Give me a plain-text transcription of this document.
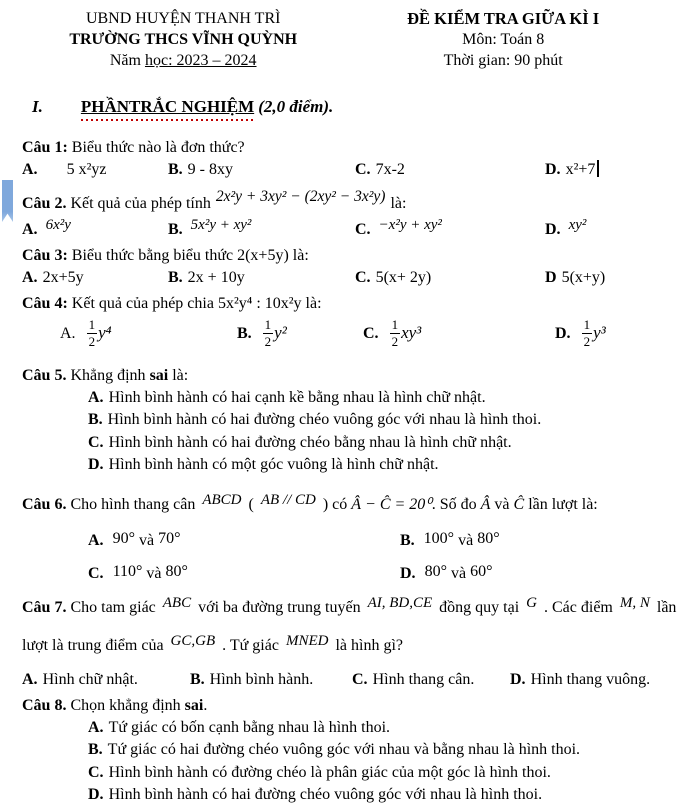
UBND HUYỆN THANH TRÌ
TRƯỜNG THCS VĨNH QUỲNH
Năm học: 2023 – 2024
ĐỀ KIỂM TRA GIỮA KÌ I
Môn: Toán 8
Thời gian: 90 phút
I. PHẦNTRẮC NGHIỆM (2,0 điểm).

Câu 1: Biểu thức nào là đơn thức?

A. 5 x²yz	B. 9 - 8xy	C. 7x-2	D. x²+7

Câu 2. Kết quả của phép tính 2x²y + 3xy² − (2xy² − 3x²y) là:

A. 6x²y	B. 5x²y + xy²	C. −x²y + xy²	D. xy²

Câu 3: Biểu thức bằng biểu thức 2(x+5y) là:

A. 2x+5y	B. 2x + 10y	C. 5(x+ 2y)	D 5(x+y)

Câu 4: Kết quả của phép chia 5x²y⁴ : 10x²y là:

A. $\frac{1}{2} y^4$	B. $\frac{1}{2} y^2$	C. $\frac{1}{2} xy^3$	D. $\frac{1}{2} y^3$

Câu 5. Khẳng định sai là:

A. Hình bình hành có hai cạnh kề bằng nhau là hình chữ nhật.
B. Hình bình hành có hai đường chéo vuông góc với nhau là hình thoi.
C. Hình bình hành có hai đường chéo bằng nhau là hình chữ nhật.
D. Hình bình hành có một góc vuông là hình chữ nhật.

Câu 6. Cho hình thang cân ABCD ( AB // CD ) có Â − Ĉ = 20⁰. Số đo Â và Ĉ lần lượt là:

A. 90° và 70°	B. 100° và 80°
C. 110° và 80°	D. 80° và 60°

Câu 7. Cho tam giác ABC với ba đường trung tuyến AI, BD,CE đồng quy tại G . Các điểm M, N lần lượt là trung điểm của GC,GB . Tứ giác MNED là hình gì?

A. Hình chữ nhật.	B. Hình bình hành.	C. Hình thang cân.	D. Hình thang vuông.

Câu 8. Chọn khẳng định sai.

A. Tứ giác có bốn cạnh bằng nhau là hình thoi.
B. Tứ giác có hai đường chéo vuông góc với nhau và bằng nhau là hình thoi.
C. Hình bình hành có đường chéo là phân giác của một góc là hình thoi.
D. Hình bình hành có hai đường chéo vuông góc với nhau là hình thoi.
